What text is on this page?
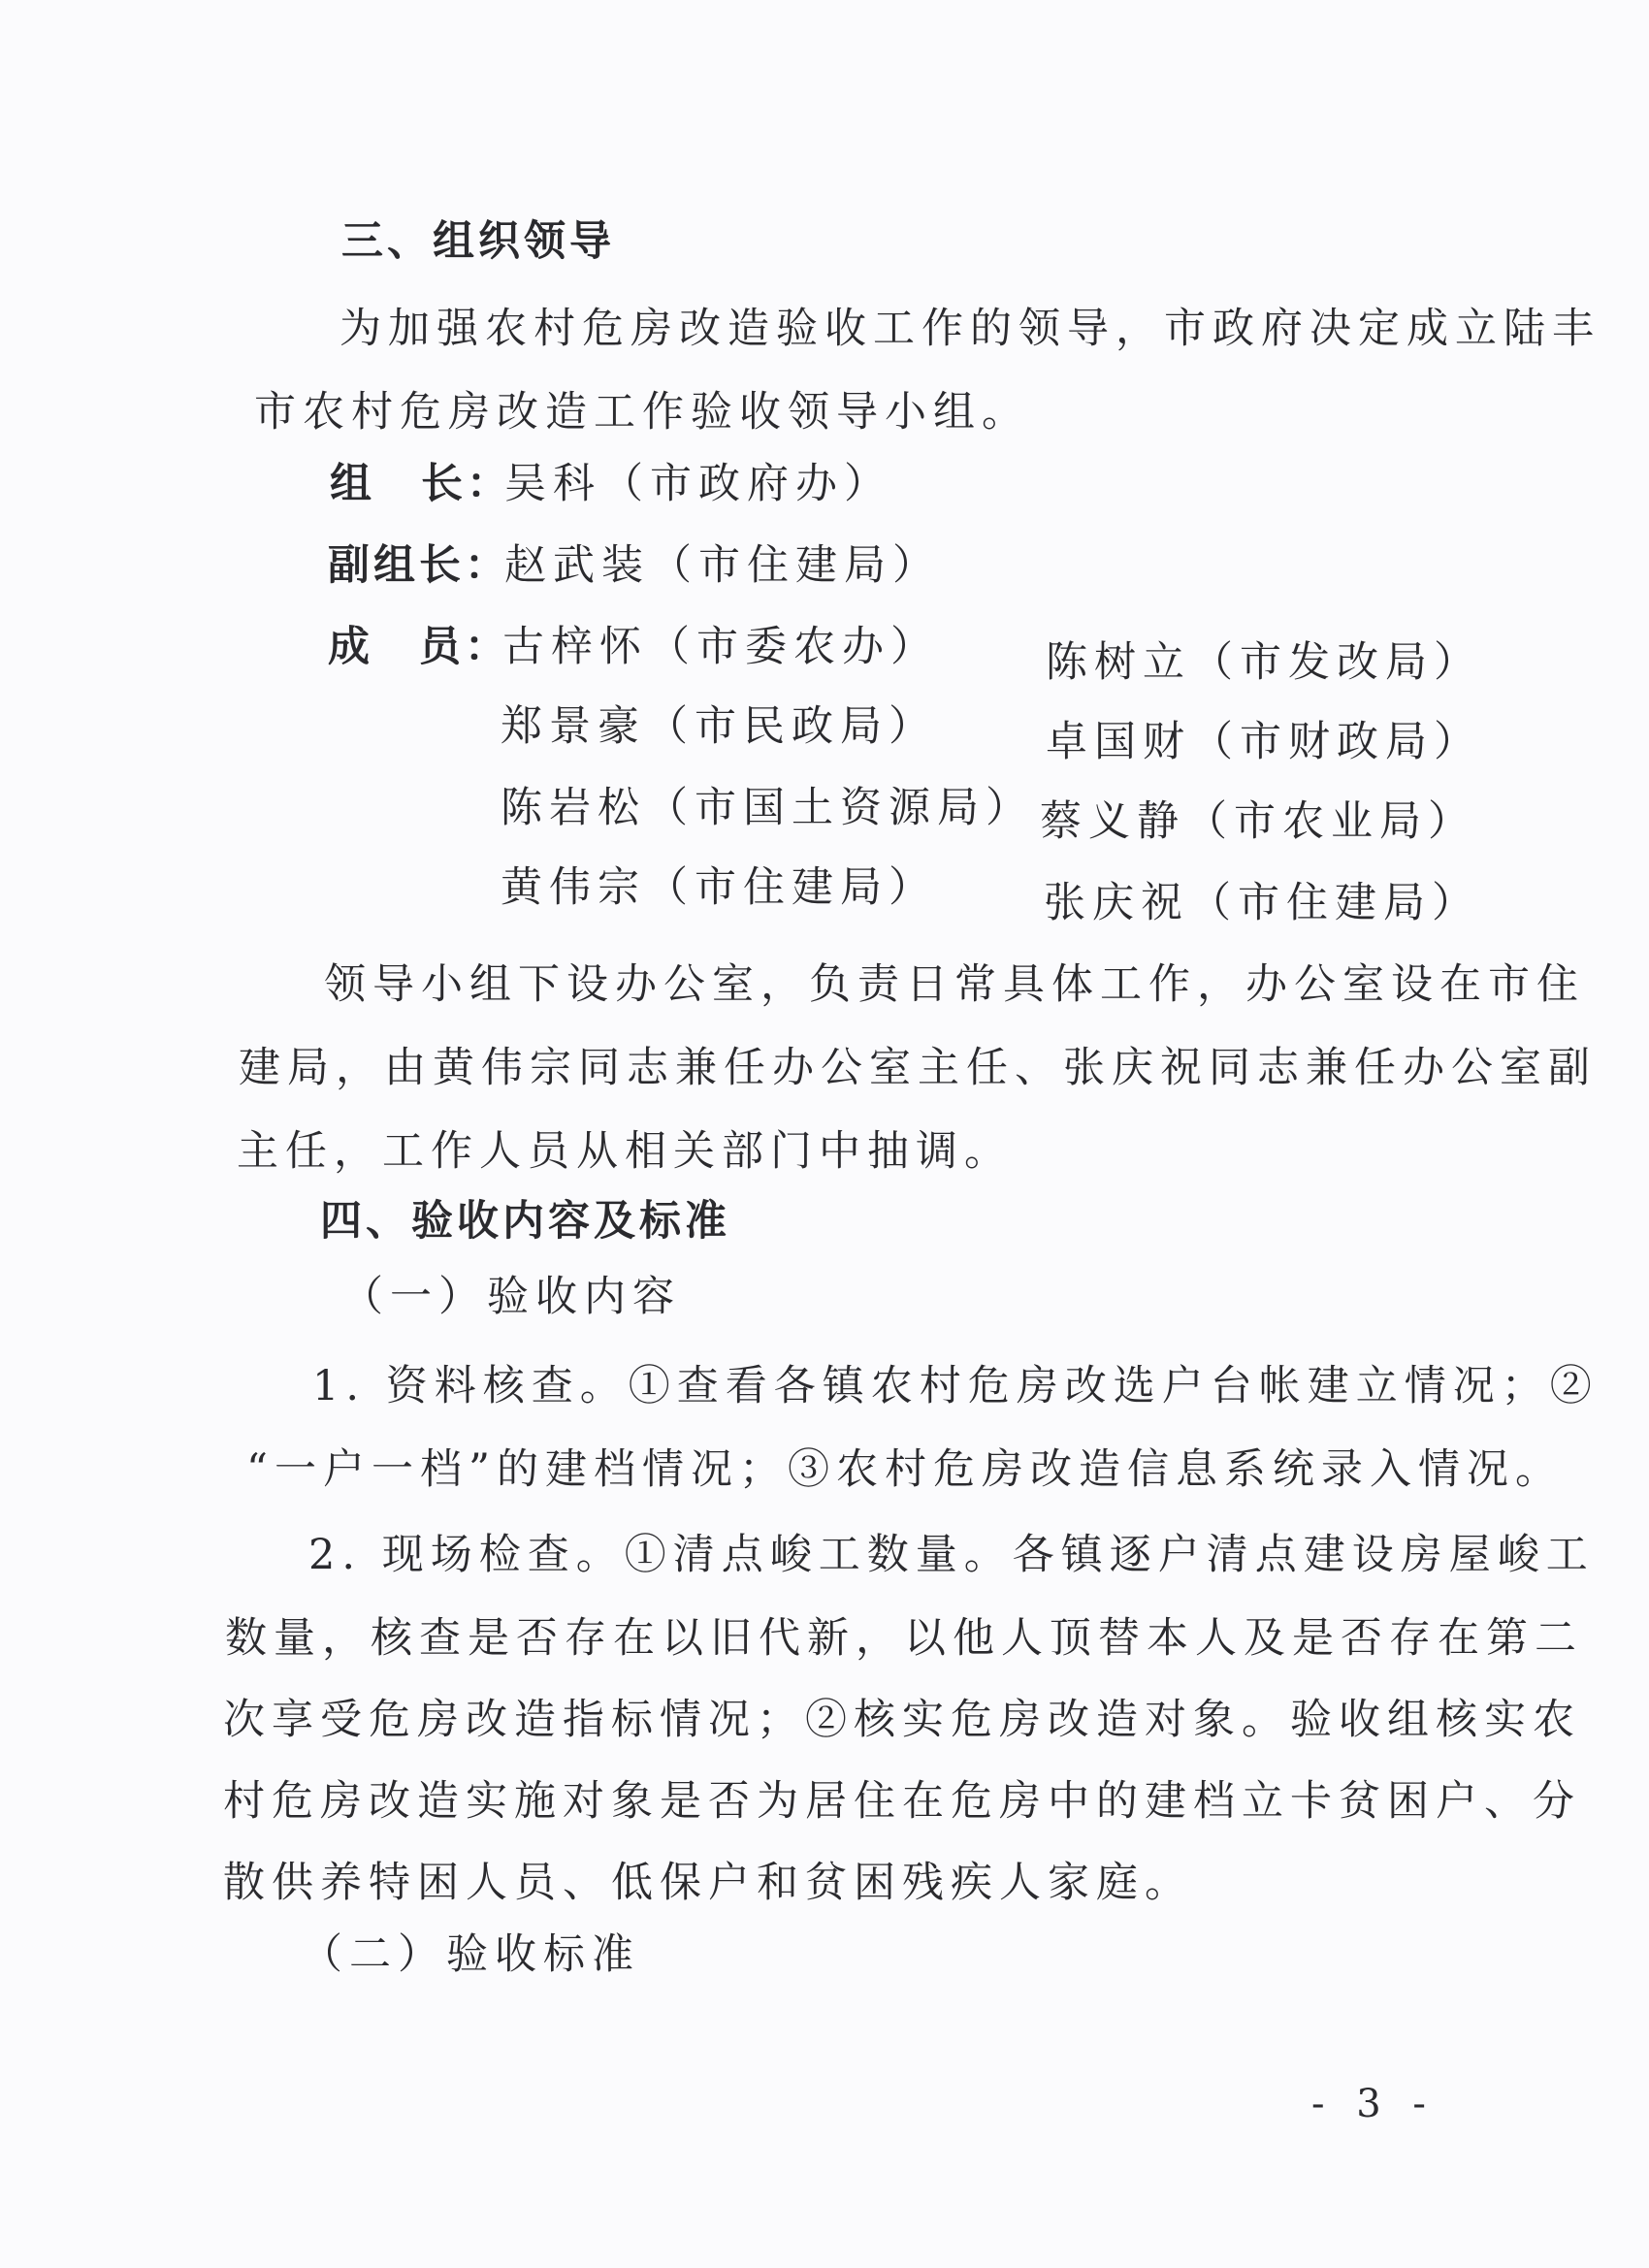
三、组织领导
为加强农村危房改造验收工作的领导，市政府决定成立陆丰
市农村危房改造工作验收领导小组。
组　长：
吴科（市政府办）
副组长：
赵武装（市住建局）
成　员：
古梓怀（市委农办）	陈树立（市发改局）
郑景豪（市民政局）	卓国财（市财政局）
陈岩松（市国土资源局） 蔡义静（市农业局）
黄伟宗（市住建局）	张庆祝（市住建局）
领导小组下设办公室，负责日常具体工作，办公室设在市住
建局，由黄伟宗同志兼任办公室主任、张庆祝同志兼任办公室副
主任，工作人员从相关部门中抽调。
四、验收内容及标准
（一）验收内容
1. 资料核查。①查看各镇农村危房改选户台帐建立情况；②
“一户一档”的建档情况；③农村危房改造信息系统录入情况。
2. 现场检查。①清点峻工数量。各镇逐户清点建设房屋峻工
数量，核查是否存在以旧代新，以他人顶替本人及是否存在第二
次享受危房改造指标情况；②核实危房改造对象。验收组核实农
村危房改造实施对象是否为居住在危房中的建档立卡贫困户、分
散供养特困人员、低保户和贫困残疾人家庭。
（二）验收标准
- 3 -
